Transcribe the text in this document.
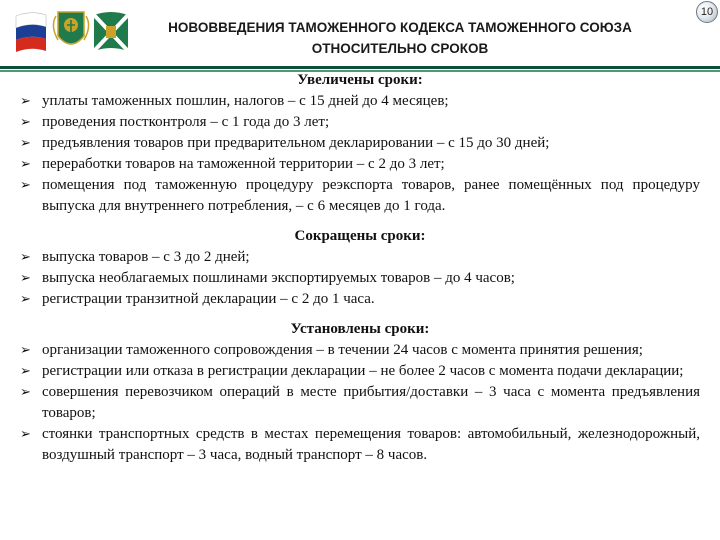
НОВОВВЕДЕНИЯ ТАМОЖЕННОГО КОДЕКСА ТАМОЖЕННОГО СОЮЗА ОТНОСИТЕЛЬНО СРОКОВ
10

Увеличены сроки:

➢ уплаты таможенных пошлин, налогов – с 15 дней до 4 месяцев;
➢ проведения постконтроля – с 1 года до 3 лет;
➢ предъявления товаров при предварительном декларировании – с 15 до 30 дней;
➢ переработки товаров на таможенной территории – с 2 до 3 лет;
➢ помещения под таможенную процедуру реэкспорта товаров, ранее помещённых под процедуру выпуска для внутреннего потребления, – с 6 месяцев до 1 года.

Сокращены сроки:

➢ выпуска товаров – с 3 до 2 дней;
➢ выпуска необлагаемых пошлинами экспортируемых товаров – до 4 часов;
➢ регистрации транзитной декларации – с 2 до 1 часа.

Установлены сроки:

➢ организации таможенного сопровождения – в течении 24 часов с момента принятия решения;
➢ регистрации или отказа в регистрации декларации – не более 2 часов с момента подачи декларации;
➢ совершения перевозчиком операций в месте прибытия/доставки – 3 часа с момента предъявления товаров;
➢ стоянки транспортных средств в местах перемещения товаров: автомобильный, железнодорожный, воздушный транспорт – 3 часа, водный транспорт – 8 часов.
